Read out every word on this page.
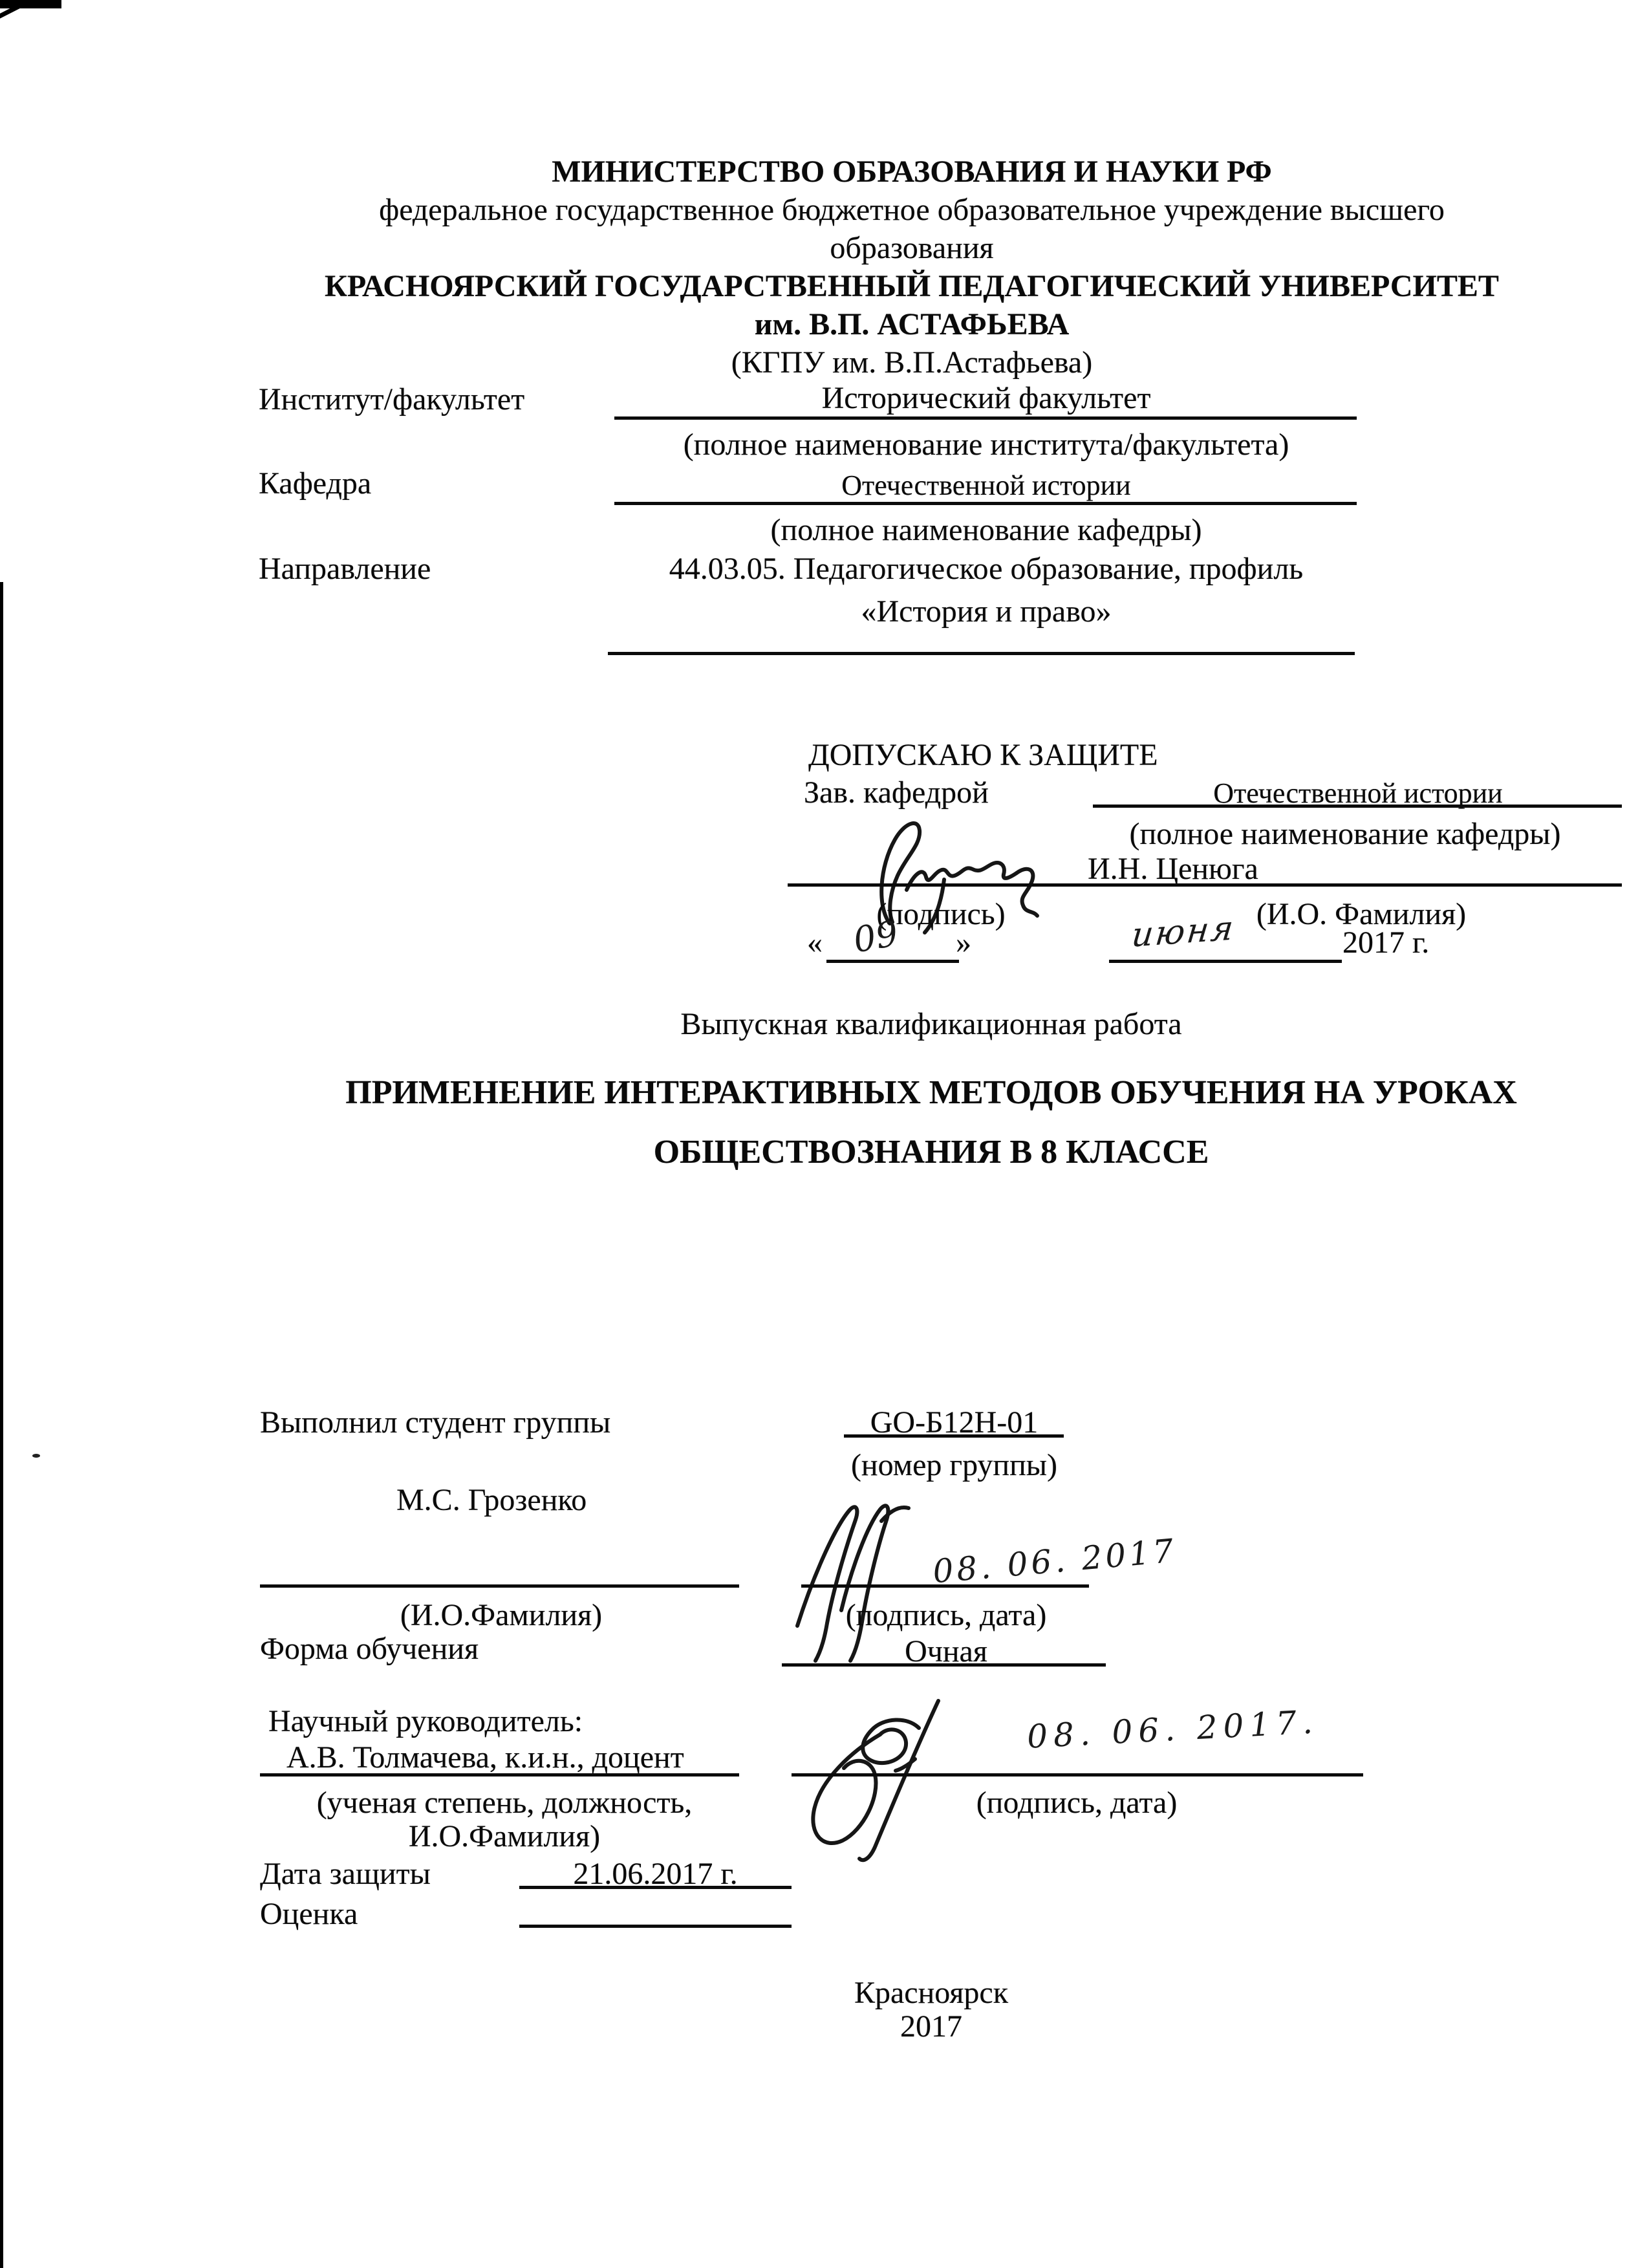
МИНИСТЕРСТВО ОБРАЗОВАНИЯ И НАУКИ РФ
федеральное государственное бюджетное образовательное учреждение высшего
образования
КРАСНОЯРСКИЙ ГОСУДАРСТВЕННЫЙ ПЕДАГОГИЧЕСКИЙ УНИВЕРСИТЕТ
им. В.П. АСТАФЬЕВА
(КГПУ им. В.П.Астафьева)
Институт/факультет	Исторический факультет
(полное наименование института/факультета)
Кафедра	Отечественной истории
(полное наименование кафедры)
Направление	44.03.05. Педагогическое образование, профиль
«История и право»
ДОПУСКАЮ К ЗАЩИТЕ
Зав. кафедрой	Отечественной истории
(полное наименование кафедры)
И.Н. Ценюга
(подпись)	(И.О. Фамилия)
« 09 »	июня	2017 г.
Выпускная квалификационная работа
ПРИМЕНЕНИЕ ИНТЕРАКТИВНЫХ МЕТОДОВ ОБУЧЕНИЯ НА УРОКАХ
ОБЩЕСТВОЗНАНИЯ В 8 КЛАССЕ
Выполнил студент группы	GO-Б12Н-01
(номер группы)
М.С. Грозенко
08. 06. 2017
(И.О.Фамилия)	(подпись, дата)
Форма обучения	Очная
Научный руководитель:
А.В. Толмачева, к.и.н., доцент
(ученая степень, должность,
И.О.Фамилия)
08. 06. 2017.
(подпись, дата)
Дата защиты	21.06.2017 г.
Оценка
Красноярск
2017
